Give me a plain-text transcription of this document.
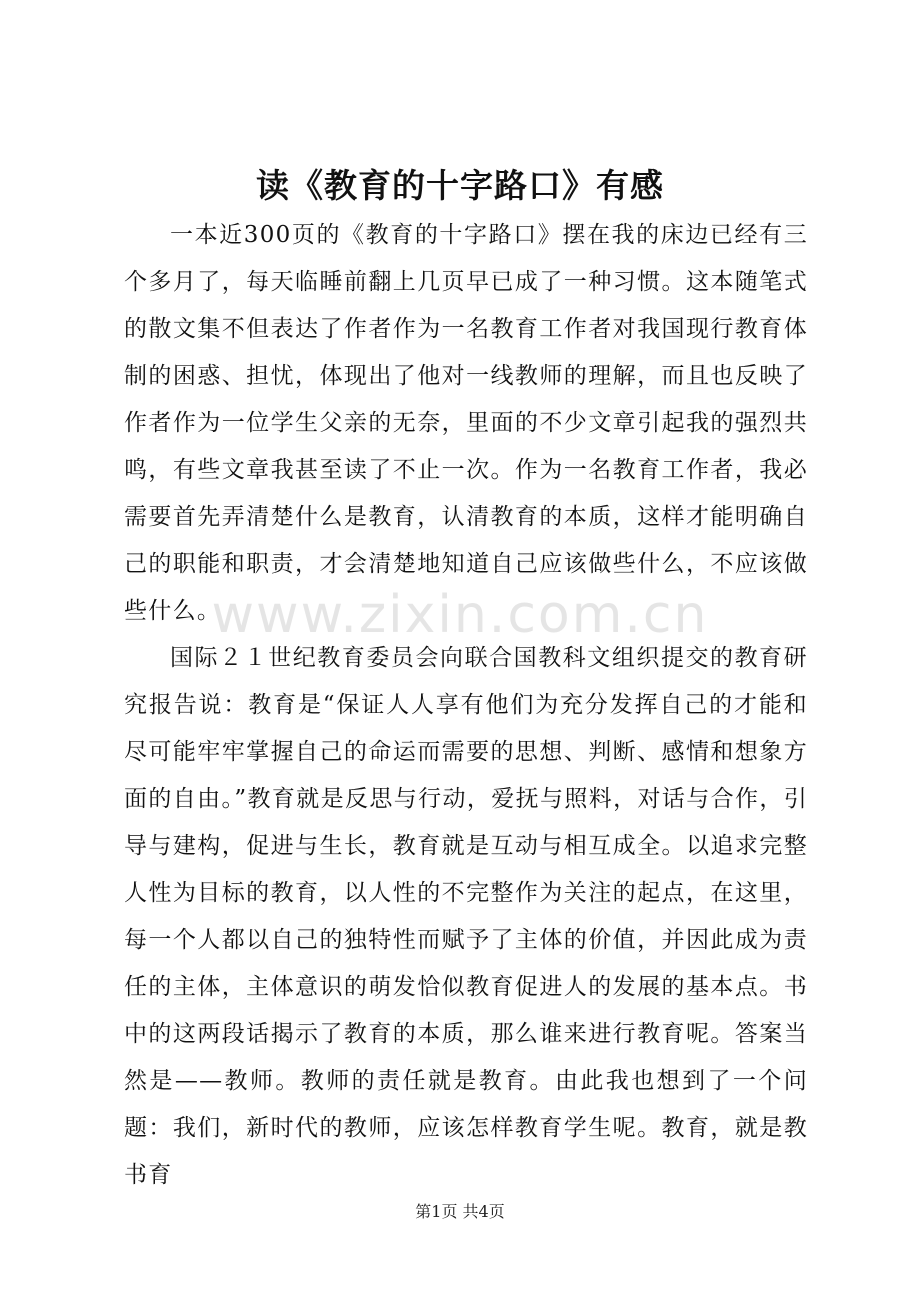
读《教育的十字路口》有感

一本近300页的《教育的十字路口》摆在我的床边已经有三个多月了，每天临睡前翻上几页早已成了一种习惯。这本随笔式的散文集不但表达了作者作为一名教育工作者对我国现行教育体制的困惑、担忧，体现出了他对一线教师的理解，而且也反映了作者作为一位学生父亲的无奈，里面的不少文章引起我的强烈共鸣，有些文章我甚至读了不止一次。作为一名教育工作者，我必需要首先弄清楚什么是教育，认清教育的本质，这样才能明确自己的职能和职责，才会清楚地知道自己应该做些什么，不应该做些什么。

国际２１世纪教育委员会向联合国教科文组织提交的教育研究报告说：教育是“保证人人享有他们为充分发挥自己的才能和尽可能牢牢掌握自己的命运而需要的思想、判断、感情和想象方面的自由。”教育就是反思与行动，爱抚与照料，对话与合作，引导与建构，促进与生长，教育就是互动与相互成全。以追求完整人性为目标的教育，以人性的不完整作为关注的起点，在这里，每一个人都以自己的独特性而赋予了主体的价值，并因此成为责任的主体，主体意识的萌发恰似教育促进人的发展的基本点。书中的这两段话揭示了教育的本质，那么谁来进行教育呢。答案当然是——教师。教师的责任就是教育。由此我也想到了一个问题：我们，新时代的教师，应该怎样教育学生呢。教育，就是教书育

www.zixin.com.cn
第1页 共4页
